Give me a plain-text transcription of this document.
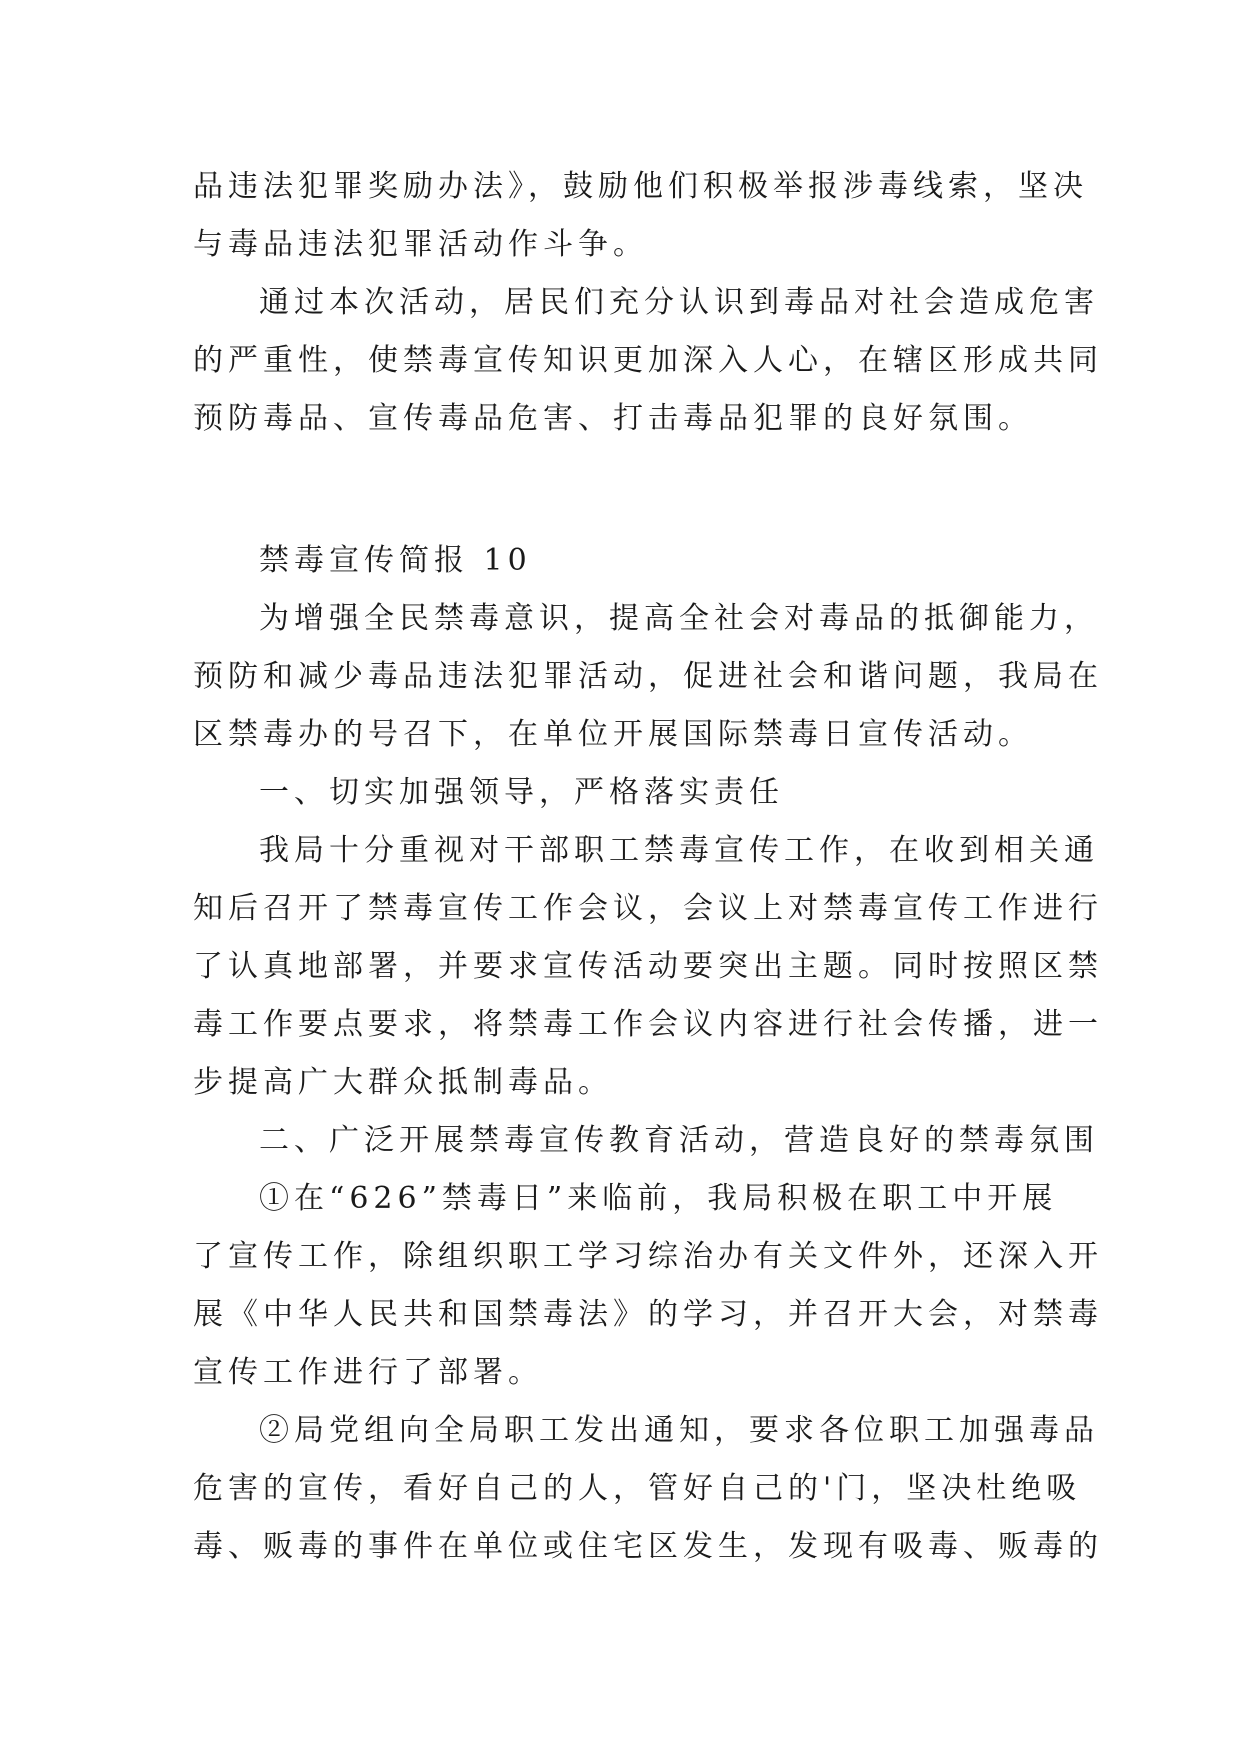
品违法犯罪奖励办法》，鼓励他们积极举报涉毒线索，坚决

与毒品违法犯罪活动作斗争。

通过本次活动，居民们充分认识到毒品对社会造成危害

的严重性，使禁毒宣传知识更加深入人心，在辖区形成共同

预防毒品、宣传毒品危害、打击毒品犯罪的良好氛围。

禁毒宣传简报 10

为增强全民禁毒意识，提高全社会对毒品的抵御能力，

预防和减少毒品违法犯罪活动，促进社会和谐问题，我局在

区禁毒办的号召下，在单位开展国际禁毒日宣传活动。

一、切实加强领导，严格落实责任

我局十分重视对干部职工禁毒宣传工作，在收到相关通

知后召开了禁毒宣传工作会议，会议上对禁毒宣传工作进行

了认真地部署，并要求宣传活动要突出主题。同时按照区禁

毒工作要点要求，将禁毒工作会议内容进行社会传播，进一

步提高广大群众抵制毒品。

二、广泛开展禁毒宣传教育活动，营造良好的禁毒氛围

①在“626”禁毒日”来临前，我局积极在职工中开展

了宣传工作，除组织职工学习综治办有关文件外，还深入开

展《中华人民共和国禁毒法》的学习，并召开大会，对禁毒

宣传工作进行了部署。

②局党组向全局职工发出通知，要求各位职工加强毒品

危害的宣传，看好自己的人，管好自己的'门，坚决杜绝吸

毒、贩毒的事件在单位或住宅区发生，发现有吸毒、贩毒的
